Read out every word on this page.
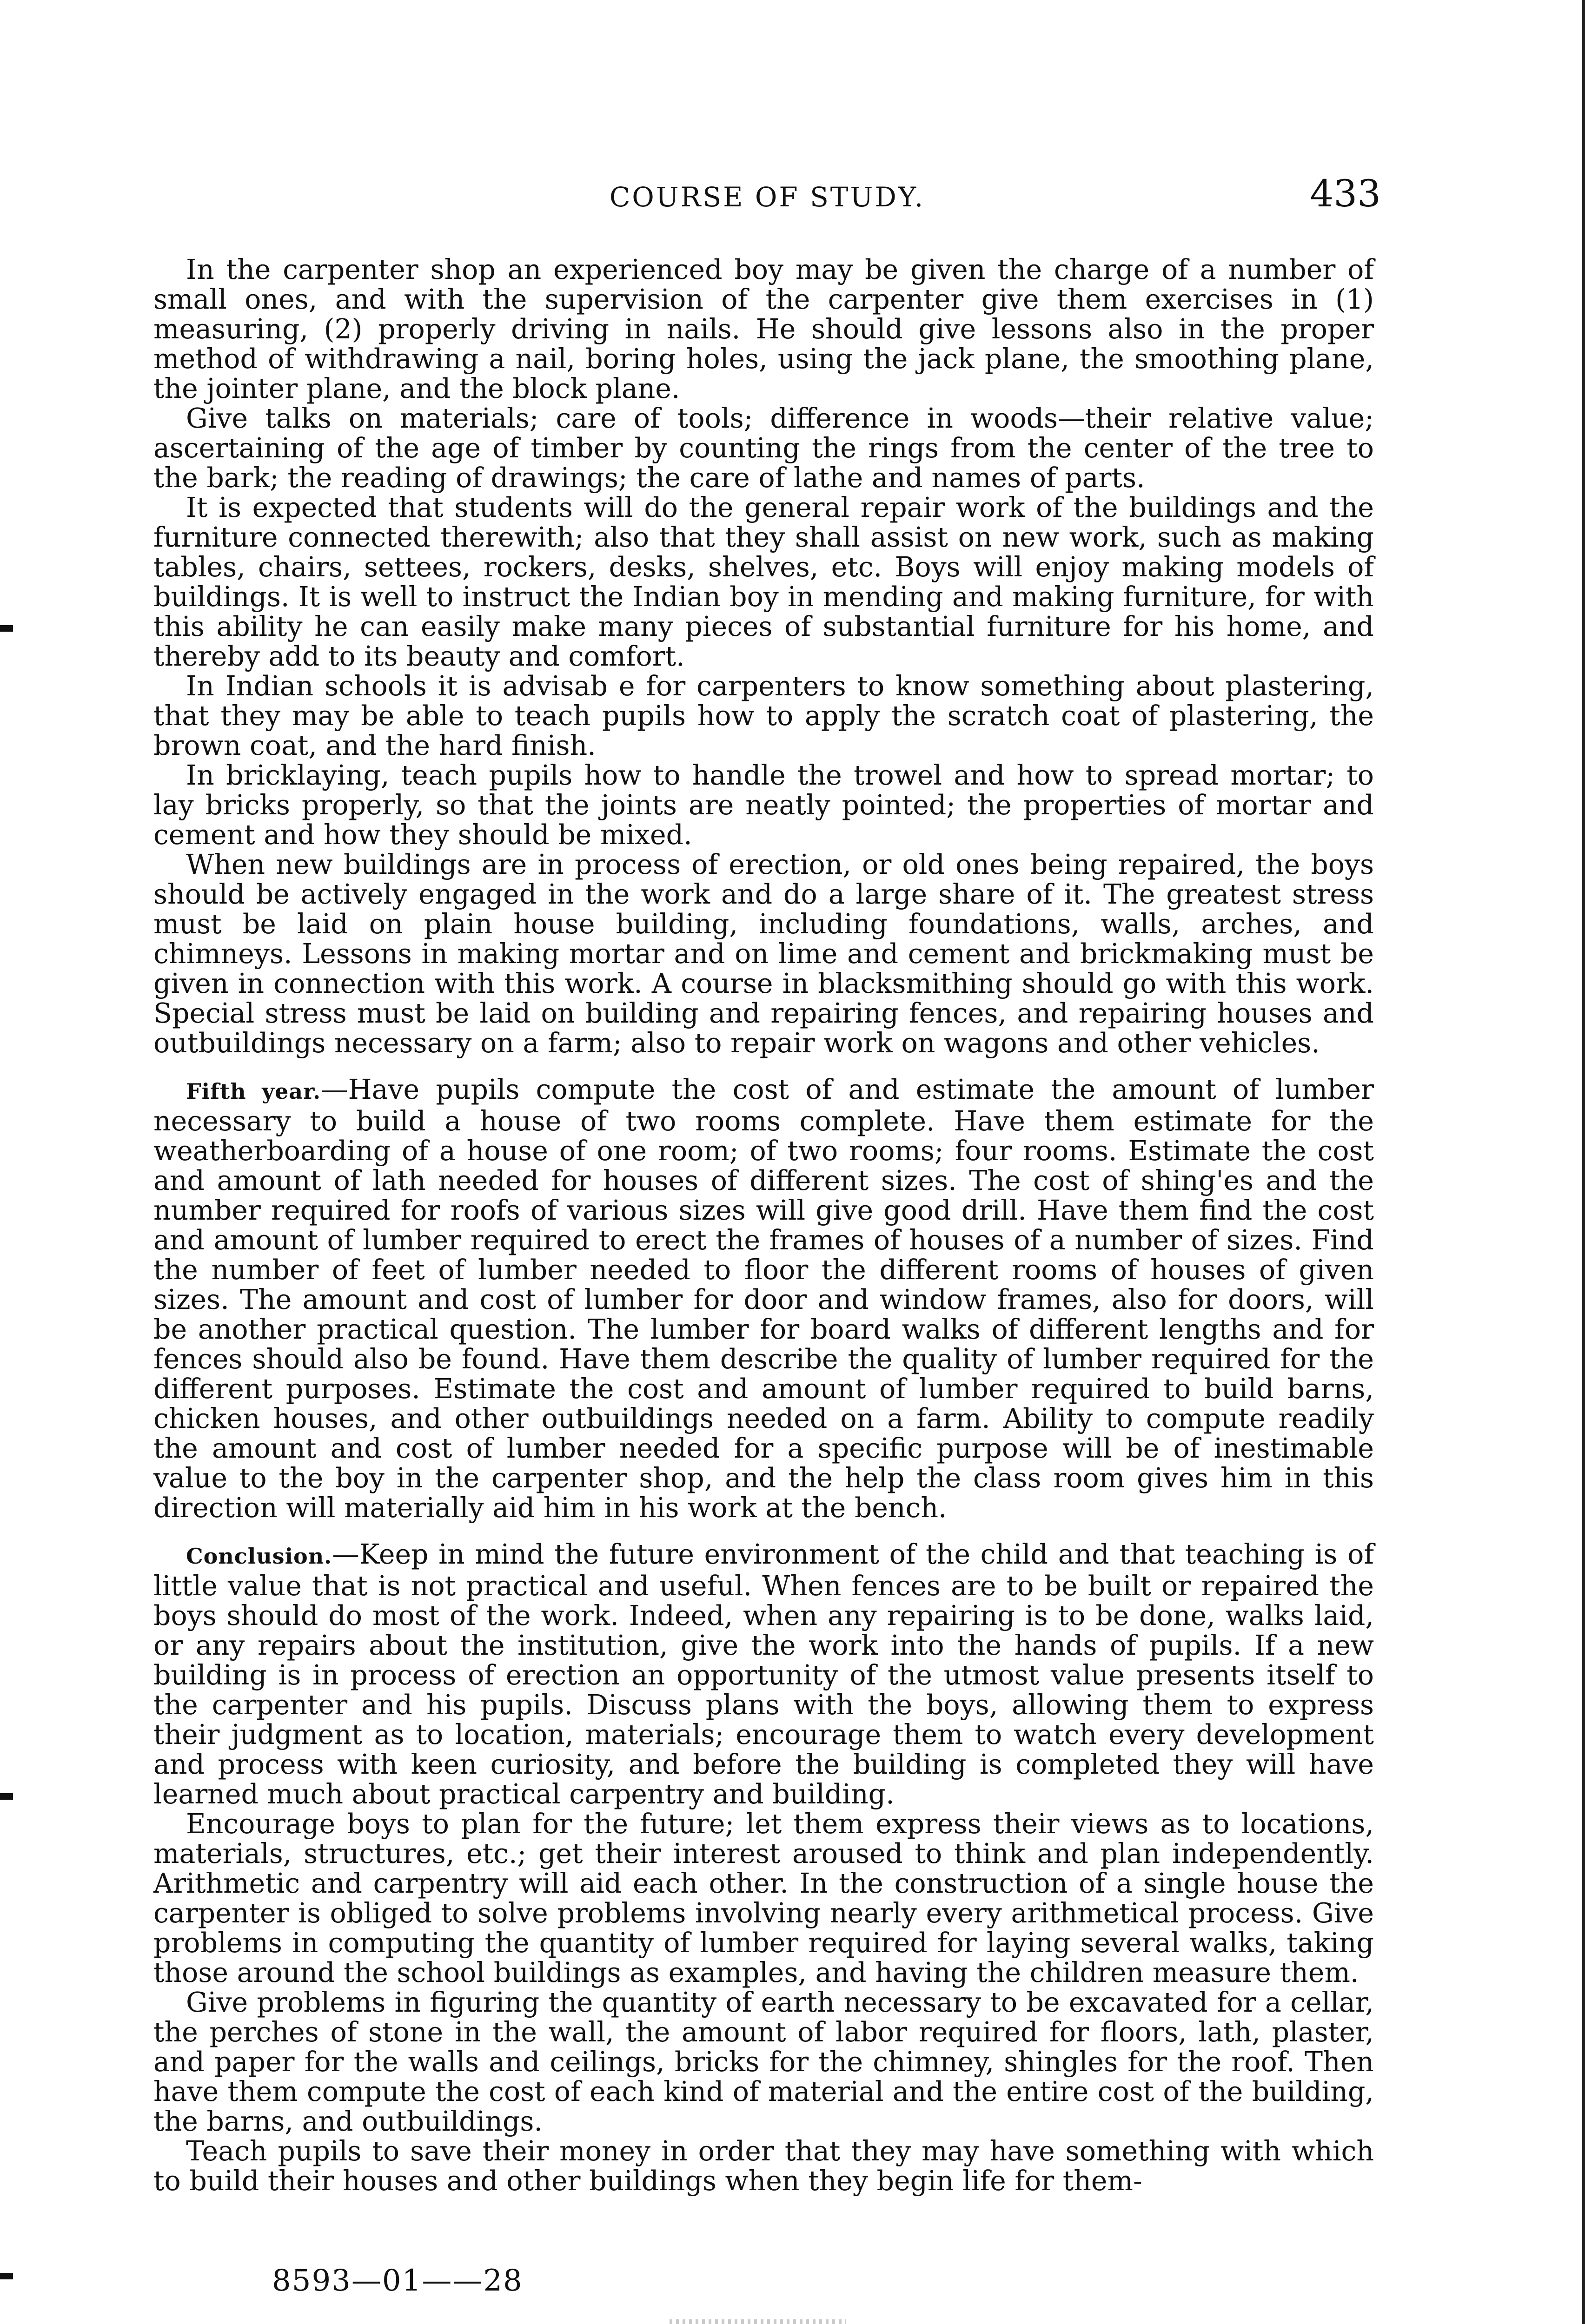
COURSE OF STUDY.	433

In the carpenter shop an experienced boy may be given the charge of a number of small ones, and with the supervision of the carpenter give them exercises in (1) measuring, (2) properly driving in nails. He should give lessons also in the proper method of withdrawing a nail, boring holes, using the jack plane, the smoothing plane, the jointer plane, and the block plane.

Give talks on materials; care of tools; difference in woods—their relative value; ascertaining of the age of timber by counting the rings from the center of the tree to the bark; the reading of drawings; the care of lathe and names of parts.

It is expected that students will do the general repair work of the buildings and the furniture connected therewith; also that they shall assist on new work, such as making tables, chairs, settees, rockers, desks, shelves, etc. Boys will enjoy making models of buildings. It is well to instruct the Indian boy in mending and making furniture, for with this ability he can easily make many pieces of substantial furniture for his home, and thereby add to its beauty and comfort.

In Indian schools it is advisab e for carpenters to know something about plastering, that they may be able to teach pupils how to apply the scratch coat of plastering, the brown coat, and the hard finish.

In bricklaying, teach pupils how to handle the trowel and how to spread mortar; to lay bricks properly, so that the joints are neatly pointed; the properties of mortar and cement and how they should be mixed.

When new buildings are in process of erection, or old ones being repaired, the boys should be actively engaged in the work and do a large share of it. The greatest stress must be laid on plain house building, including foundations, walls, arches, and chimneys. Lessons in making mortar and on lime and cement and brickmaking must be given in connection with this work. A course in blacksmithing should go with this work. Special stress must be laid on building and repairing fences, and repairing houses and outbuildings necessary on a farm; also to repair work on wagons and other vehicles.

Fifth year.—Have pupils compute the cost of and estimate the amount of lumber necessary to build a house of two rooms complete. Have them estimate for the weatherboarding of a house of one room; of two rooms; four rooms. Estimate the cost and amount of lath needed for houses of different sizes. The cost of shing'es and the number required for roofs of various sizes will give good drill. Have them find the cost and amount of lumber required to erect the frames of houses of a number of sizes. Find the number of feet of lumber needed to floor the different rooms of houses of given sizes. The amount and cost of lumber for door and window frames, also for doors, will be another practical question. The lumber for board walks of different lengths and for fences should also be found. Have them describe the quality of lumber required for the different purposes. Estimate the cost and amount of lumber required to build barns, chicken houses, and other outbuildings needed on a farm. Ability to compute readily the amount and cost of lumber needed for a specific purpose will be of inestimable value to the boy in the carpenter shop, and the help the class room gives him in this direction will materially aid him in his work at the bench.

Conclusion.—Keep in mind the future environment of the child and that teaching is of little value that is not practical and useful. When fences are to be built or repaired the boys should do most of the work. Indeed, when any repairing is to be done, walks laid, or any repairs about the institution, give the work into the hands of pupils. If a new building is in process of erection an opportunity of the utmost value presents itself to the carpenter and his pupils. Discuss plans with the boys, allowing them to express their judgment as to location, materials; encourage them to watch every development and process with keen curiosity, and before the building is completed they will have learned much about practical carpentry and building.

Encourage boys to plan for the future; let them express their views as to locations, materials, structures, etc.; get their interest aroused to think and plan independently. Arithmetic and carpentry will aid each other. In the construction of a single house the carpenter is obliged to solve problems involving nearly every arithmetical process. Give problems in computing the quantity of lumber required for laying several walks, taking those around the school buildings as examples, and having the children measure them.

Give problems in figuring the quantity of earth necessary to be excavated for a cellar, the perches of stone in the wall, the amount of labor required for floors, lath, plaster, and paper for the walls and ceilings, bricks for the chimney, shingles for the roof. Then have them compute the cost of each kind of material and the entire cost of the building, the barns, and outbuildings.

Teach pupils to save their money in order that they may have something with which to build their houses and other buildings when they begin life for them-

8593—01——28
